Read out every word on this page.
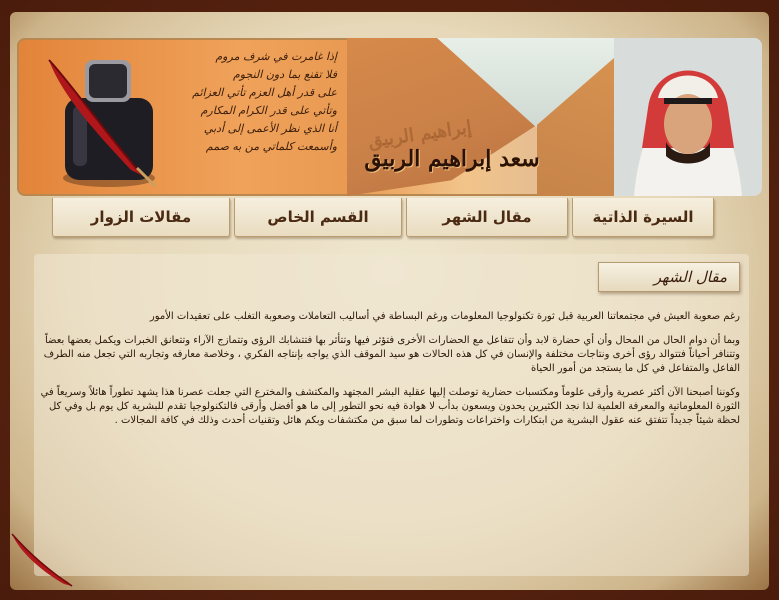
إذا غامرت في شرف مروم
فلا تقنع بما دون النجوم
على قدر أهل العزم تأتي العزائم
وتأتي على قدر الكرام المكارم
أنا الذي نظر الأعمى إلى أدبي
وأسمعت كلماتي من به صمم	إبراهيم الربيق
سعد إبراهيم الربيق
السيرة الذاتية
مقال الشهر
القسم الخاص
مقالات الزوار
مقال الشهر

رغم صعوبة العيش في مجتمعاتنا العربية قبل ثورة تكنولوجيا المعلومات ورغم البساطة في أساليب التعاملات وصعوبة التغلب على تعقيدات الأمور

وبما أن دوام الحال من المحال وأن أي حضارة لابد وأن تتفاعل مع الحضارات الأخرى فتؤثر فيها وتتأثر بها فتتشابك الرؤى وتتمازج الآراء وتتعانق الخبرات ويكمل بعضها بعضاً وتتنافر أحياناً فتتوالد رؤى أخرى ونتاجات مختلفة والإنسان في كل هذه الحالات هو سيد الموقف الذي يواجه بإنتاجه الفكري ، وخلاصة معارفه وتجاربه التي تجعل منه الطرف الفاعل والمتفاعل في كل ما يستجد من أمور الحياة

وكوننا أصبحنا الآن أكثر عصرية وأرقى علوماً ومكتسبات حضارية توصلت إليها عقلية البشر المجتهد والمكتشف والمخترع التي جعلت عصرنا هذا يشهد تطوراً هائلاً وسريعاً في الثورة المعلوماتية والمعرفة العلمية لذا نجد الكثيرين يحدون ويسعون بدأب لا هوادة فيه نحو التطور إلى ما هو أفضل وأرقى فالتكنولوجيا تقدم للبشرية كل يوم بل وفي كل لحظة شيئاً جديداً تتفتق عنه عقول البشرية من ابتكارات واختراعات وتطورات لما سبق من مكتشفات وبكم هائل وتقنيات أحدث وذلك في كافة المجالات .
